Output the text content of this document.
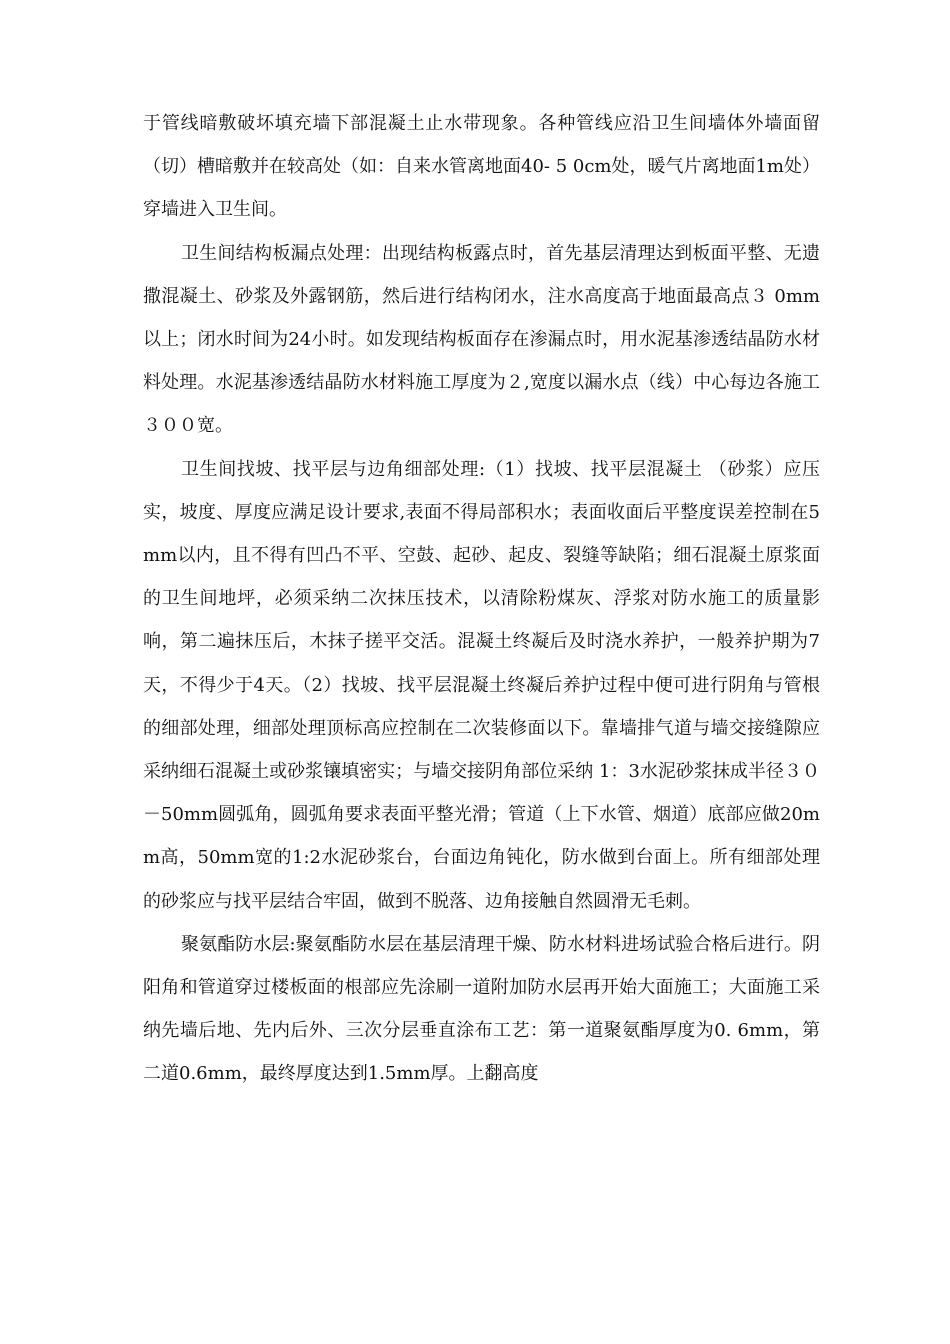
于管线暗敷破坏填充墙下部混凝土止水带现象。各种管线应沿卫生间墙体外墙面留（切）槽暗敷并在较高处（如：自来水管离地面40- 5 0cm处，暖气片离地面1m处）穿墙进入卫生间。

卫生间结构板漏点处理：出现结构板露点时，首先基层清理达到板面平整、无遗撒混凝土、砂浆及外露钢筋，然后进行结构闭水，注水高度高于地面最高点３ 0mm以上；闭水时间为24小时。如发现结构板面存在渗漏点时，用水泥基渗透结晶防水材料处理。水泥基渗透结晶防水材料施工厚度为２,宽度以漏水点（线）中心每边各施工３００宽。

卫生间找坡、找平层与边角细部处理:（1）找坡、找平层混凝土 （砂浆）应压实，坡度、厚度应满足设计要求,表面不得局部积水；表面收面后平整度误差控制在5mm以内，且不得有凹凸不平、空鼓、起砂、起皮、裂缝等缺陷；细石混凝土原浆面的卫生间地坪，必须采纳二次抹压技术，以清除粉煤灰、浮浆对防水施工的质量影响，第二遍抹压后，木抹子搓平交活。混凝土终凝后及时浇水养护，一般养护期为7天，不得少于4天。（2）找坡、找平层混凝土终凝后养护过程中便可进行阴角与管根的细部处理，细部处理顶标高应控制在二次装修面以下。靠墙排气道与墙交接缝隙应采纳细石混凝土或砂浆镶填密实；与墙交接阴角部位采纳 1：3水泥砂浆抹成半径３０－50mm圆弧角，圆弧角要求表面平整光滑；管道（上下水管、烟道）底部应做20mm高，50mm宽的1:2水泥砂浆台，台面边角钝化，防水做到台面上。所有细部处理的砂浆应与找平层结合牢固，做到不脱落、边角接触自然圆滑无毛刺。

聚氨酯防水层:聚氨酯防水层在基层清理干燥、防水材料进场试验合格后进行。阴阳角和管道穿过楼板面的根部应先涂刷一道附加防水层再开始大面施工；大面施工采纳先墙后地、先内后外、三次分层垂直涂布工艺：第一道聚氨酯厚度为0. 6mm，第二道0.6mm，最终厚度达到1.5mm厚。上翻高度
